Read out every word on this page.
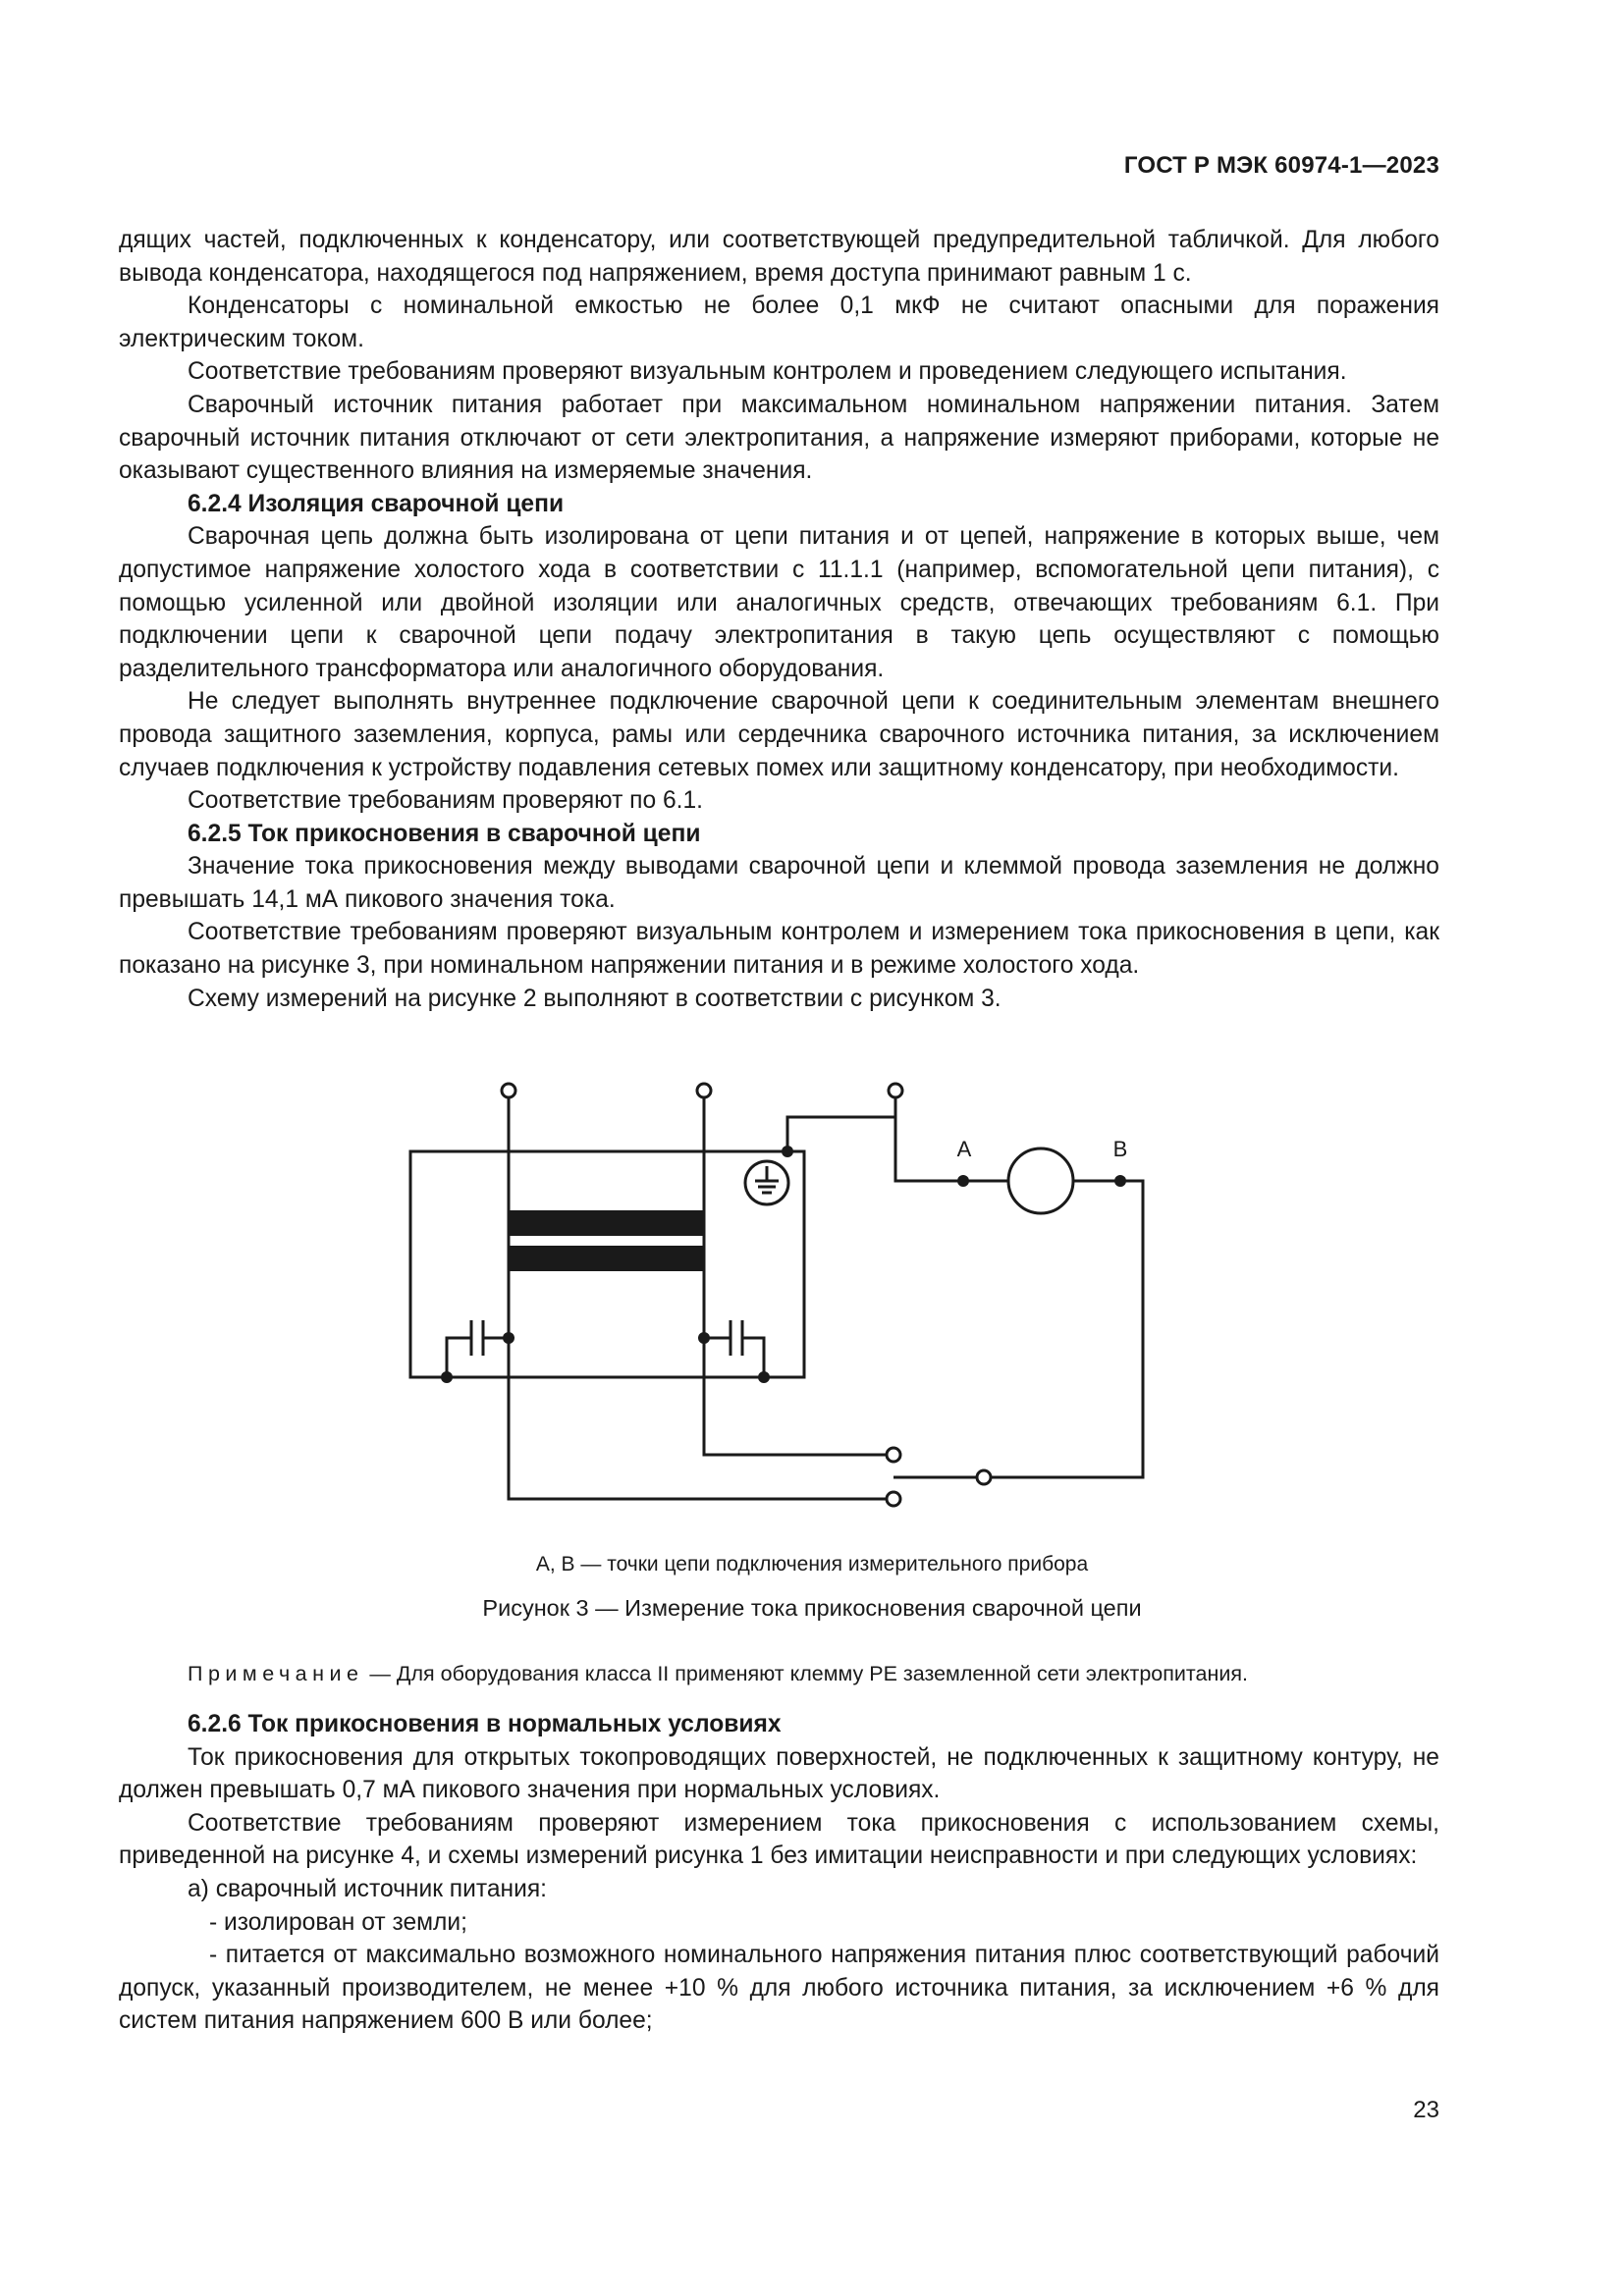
ГОСТ Р МЭК 60974-1—2023

дящих частей, подключенных к конденсатору, или соответствующей предупредительной табличкой. Для любого вывода конденсатора, находящегося под напряжением, время доступа принимают равным 1 с.

Конденсаторы с номинальной емкостью не более 0,1 мкФ не считают опасными для поражения электрическим током.

Соответствие требованиям проверяют визуальным контролем и проведением следующего испытания.

Сварочный источник питания работает при максимальном номинальном напряжении питания. Затем сварочный источник питания отключают от сети электропитания, а напряжение измеряют приборами, которые не оказывают существенного влияния на измеряемые значения.

6.2.4 Изоляция сварочной цепи

Сварочная цепь должна быть изолирована от цепи питания и от цепей, напряжение в которых выше, чем допустимое напряжение холостого хода в соответствии с 11.1.1 (например, вспомогательной цепи питания), с помощью усиленной или двойной изоляции или аналогичных средств, отвечающих требованиям 6.1. При подключении цепи к сварочной цепи подачу электропитания в такую цепь осуществляют с помощью разделительного трансформатора или аналогичного оборудования.

Не следует выполнять внутреннее подключение сварочной цепи к соединительным элементам внешнего провода защитного заземления, корпуса, рамы или сердечника сварочного источника питания, за исключением случаев подключения к устройству подавления сетевых помех или защитному конденсатору, при необходимости.

Соответствие требованиям проверяют по 6.1.

6.2.5 Ток прикосновения в сварочной цепи

Значение тока прикосновения между выводами сварочной цепи и клеммой провода заземления не должно превышать 14,1 мА пикового значения тока.

Соответствие требованиям проверяют визуальным контролем и измерением тока прикосновения в цепи, как показано на рисунке 3, при номинальном напряжении питания и в режиме холостого хода.

Схему измерений на рисунке 2 выполняют в соответствии с рисунком 3.

A	B
А, В — точки цепи подключения измерительного прибора
Рисунок 3 — Измерение тока прикосновения сварочной цепи
Примечание — Для оборудования класса II применяют клемму РЕ заземленной сети электропитания.

6.2.6 Ток прикосновения в нормальных условиях

Ток прикосновения для открытых токопроводящих поверхностей, не подключенных к защитному контуру, не должен превышать 0,7 мА пикового значения при нормальных условиях.

Соответствие требованиям проверяют измерением тока прикосновения с использованием схемы, приведенной на рисунке 4, и схемы измерений рисунка 1 без имитации неисправности и при следующих условиях:

а) сварочный источник питания:

- изолирован от земли;

- питается от максимально возможного номинального напряжения питания плюс соответствующий рабочий допуск, указанный производителем, не менее +10 % для любого источника питания, за исключением +6 % для систем питания напряжением 600 В или более;

23
